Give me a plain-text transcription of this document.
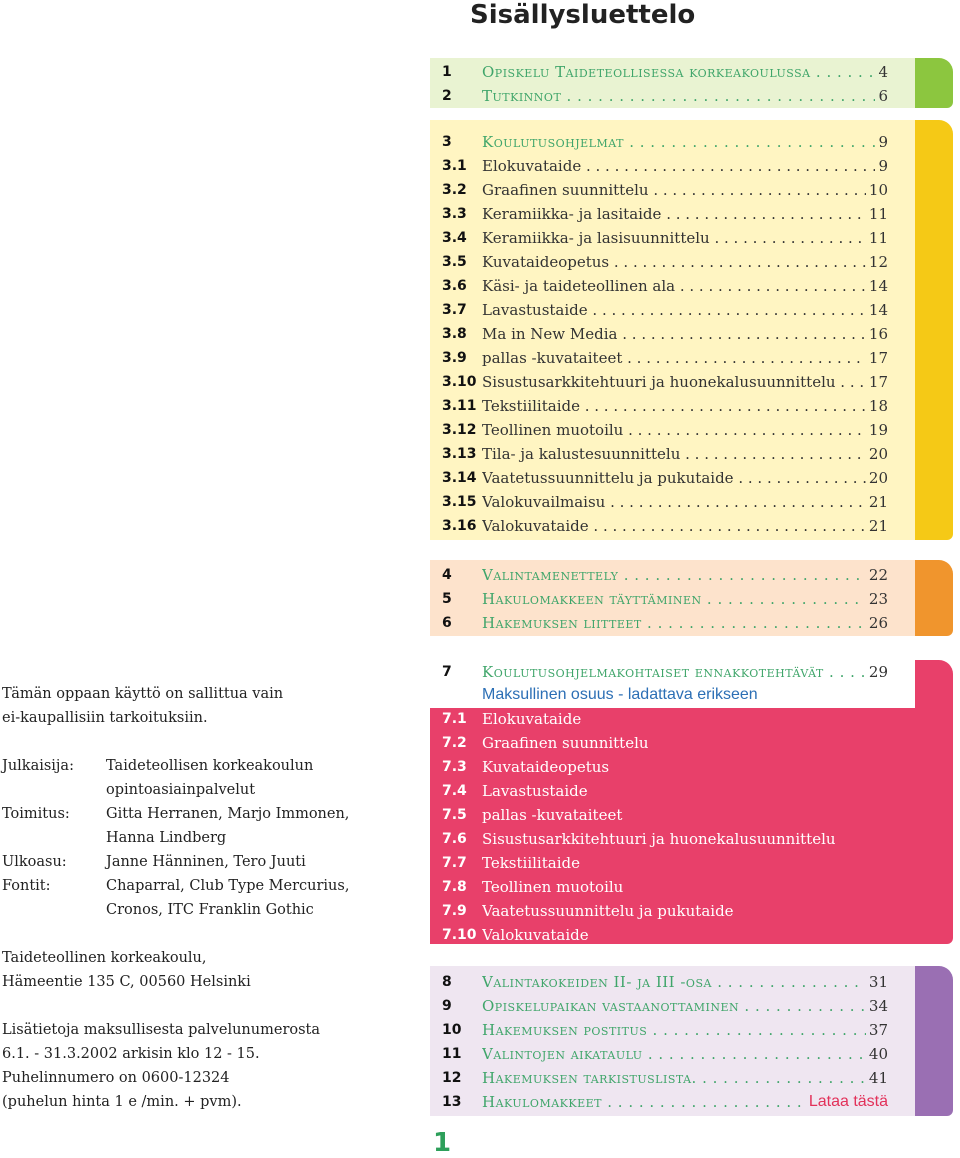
Sisällysluettelo
1	Opiskelu Taideteollisessa korkeakoulussa . . .	4
2	Tutkinnot . . .	6
3	Koulutusohjelmat . . .	9
3.1	Elokuvataide . . .	9
3.2	Graafinen suunnittelu . . .	10
3.3	Keramiikka- ja lasitaide . . .	11
3.4	Keramiikka- ja lasisuunnittelu . . .	11
3.5	Kuvataideopetus . . .	12
3.6	Käsi- ja taideteollinen ala . . .	14
3.7	Lavastustaide . . .	14
3.8	Ma in New Media . . .	16
3.9	pallas -kuvataiteet . . .	17
3.10 Sisustusarkkitehtuuri ja huonekalusuunnittelu . . .	17
3.11 Tekstiilitaide . . .	18
3.12 Teollinen muotoilu . . .	19
3.13 Tila- ja kalustesuunnittelu . . .	20
3.14 Vaatetussuunnittelu ja pukutaide . . .	20
3.15 Valokuvailmaisu . . .	21
3.16 Valokuvataide . . .	21
4	Valintamenettely . . .	22
5	Hakulomakkeen täyttäminen . . .	23
6	Hakemuksen liitteet . . .	26
7	Koulutusohjelmakohtaiset ennakkotehtävät . . .	29
7.1	Elokuvataide
7.2	Graafinen suunnittelu
7.3	Kuvataideopetus
7.4	Lavastustaide
7.5	pallas -kuvataiteet
7.6	Sisustusarkkitehtuuri ja huonekalusuunnittelu
7.7	Tekstiilitaide
7.8	Teollinen muotoilu
7.9	Vaatetussuunnittelu ja pukutaide
7.10 Valokuvataide
8	Valintakokeiden II- ja III -osa . . .	31
9	Opiskelupaikan vastaanottaminen . . .	34
10	Hakemuksen postitus . . .	37
11	Valintojen aikataulu . . .	40
12	Hakemuksen tarkistuslista. . . .	41
13	Hakulomakkeet . . .	Lataa tästä
Maksullinen osuus - ladattava erikseen
Tämän oppaan käyttö on sallittua vain
ei-kaupallisiin tarkoituksiin.
Julkaisija:	Taideteollisen korkeakoulun
opintoasiainpalvelut
Toimitus:	Gitta Herranen, Marjo Immonen,
Hanna Lindberg
Ulkoasu:	Janne Hänninen, Tero Juuti
Fontit:	Chaparral, Club Type Mercurius,
Cronos, ITC Franklin Gothic
Taideteollinen korkeakoulu,
Hämeentie 135 C, 00560 Helsinki
Lisätietoja maksullisesta palvelunumerosta
6.1. - 31.3.2002 arkisin klo 12 - 15.
Puhelinnumero on 0600-12324
(puhelun hinta 1 e /min. + pvm).
1
